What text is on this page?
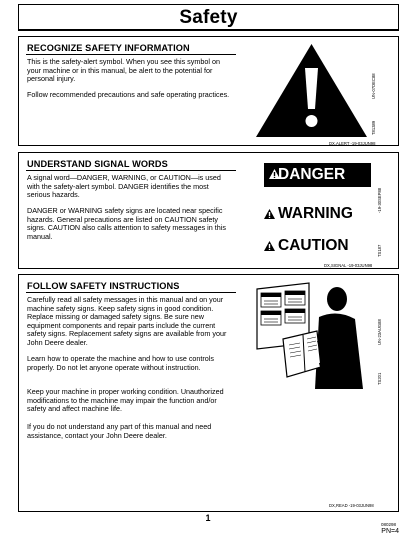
Safety
RECOGNIZE SAFETY INFORMATION
This is the safety-alert symbol. When you see this symbol on your machine or in this manual, be alert to the potential for personal injury.
Follow recommended precautions and safe operating practices.
T81389
UN-07DEC88
DX,ALERT -19-03JUN98
UNDERSTAND SIGNAL WORDS
A signal word—DANGER, WARNING, or CAUTION—is used with the safety-alert symbol. DANGER identifies the most serious hazards.
DANGER or WARNING safety signs are located near specific hazards. General precautions are listed on CAUTION safety signs. CAUTION also calls attention to safety messages in this manual.
DANGER
WARNING
CAUTION	TS187
-19-30SEP88
DX,SIGNAL -19-03JUN98
FOLLOW SAFETY INSTRUCTIONS
Carefully read all safety messages in this manual and on your machine safety signs. Keep safety signs in good condition. Replace missing or damaged safety signs. Be sure new equipment components and repair parts include the current safety signs. Replacement safety signs are available from your John Deere dealer.
Learn how to operate the machine and how to use controls properly. Do not let anyone operate without instruction.
Keep your machine in proper working condition. Unauthorized modifications to the machine may impair the function and/or safety and affect machine life.
If you do not understand any part of this manual and need assistance, contact your John Deere dealer.
TS201
UN-23AUG88
DX,READ -19-03JUN98
1
080298
PN=4
